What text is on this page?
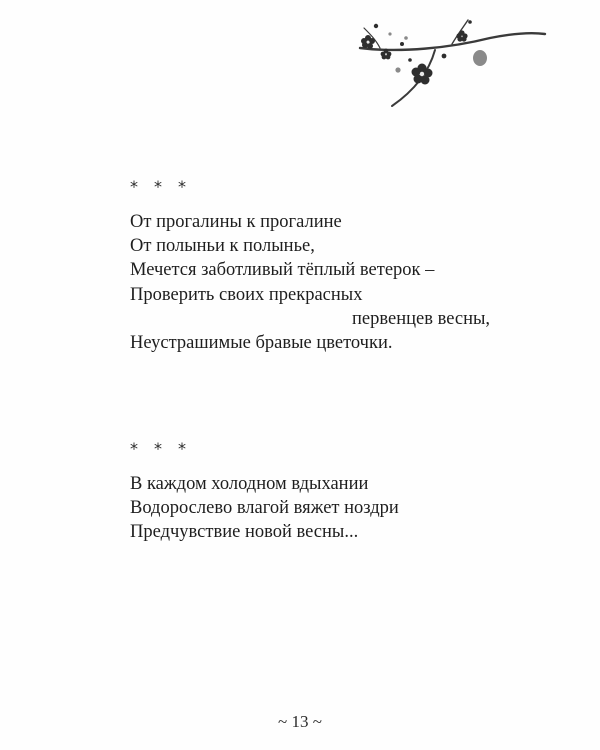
* * *
От прогалины к прогалине
От полыньи к полынье,
Мечется заботливый тёплый ветерок –
Проверить своих прекрасных
первенцев весны,
Неустрашимые бравые цветочки.
* * *
В каждом холодном вдыхании
Водорослево влагой вяжет ноздри
Предчувствие новой весны...
~ 13 ~
